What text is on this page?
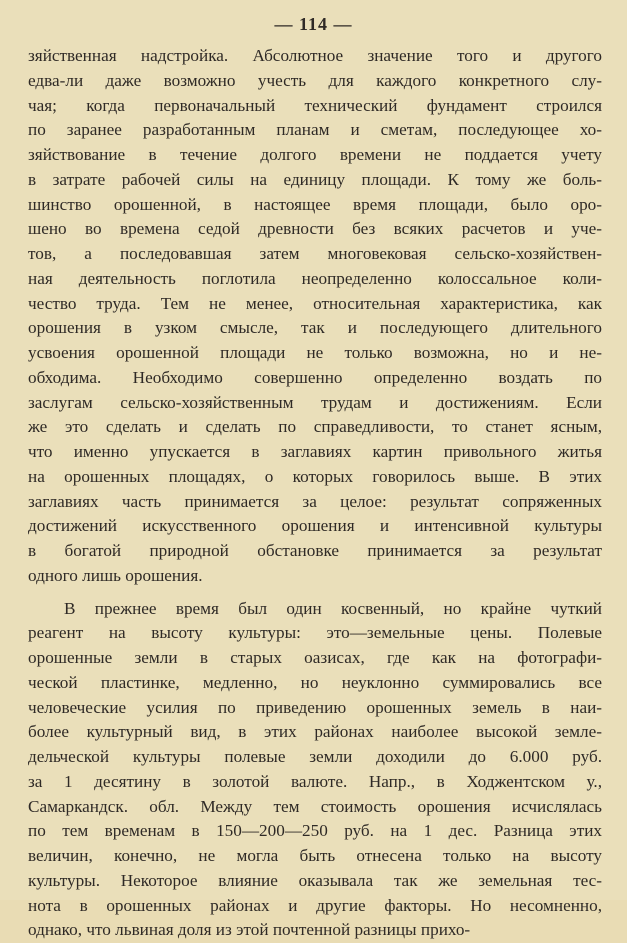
— 114 —
зяйственная надстройка. Абсолютное значение того и другого
едва-ли даже возможно учесть для каждого конкретного слу-
чая; когда первоначальный технический фундамент строился
по заранее разработанным планам и сметам, последующее хо-
зяйствование в течение долгого времени не поддается учету
в затрате рабочей силы на единицу площади. К тому же боль-
шинство орошенной, в настоящее время площади, было оро-
шено во времена седой древности без всяких расчетов и уче-
тов, а последовавшая затем многовековая сельско-хозяйствен-
ная деятельность поглотила неопределенно колоссальное коли-
чество труда. Тем не менее, относительная характеристика, как
орошения в узком смысле, так и последующего длительного
усвоения орошенной площади не только возможна, но и не-
обходима. Необходимо совершенно определенно воздать по
заслугам сельско-хозяйственным трудам и достижениям. Если
же это сделать и сделать по справедливости, то станет ясным,
что именно упускается в заглавиях картин привольного житья
на орошенных площадях, о которых говорилось выше. В этих
заглавиях часть принимается за целое: результат сопряженных
достижений искусственного орошения и интенсивной культуры
в богатой природной обстановке принимается за результат
одного лишь орошения.
В прежнее время был один косвенный, но крайне чуткий
реагент на высоту культуры: это—земельные цены. Полевые
орошенные земли в старых оазисах, где как на фотографи-
ческой пластинке, медленно, но неуклонно суммировались все
человеческие усилия по приведению орошенных земель в наи-
более культурный вид, в этих районах наиболее высокой земле-
дельческой культуры полевые земли доходили до 6.000 руб.
за 1 десятину в золотой валюте. Напр., в Ходжентском у.,
Самаркандск. обл. Между тем стоимость орошения исчислялась
по тем временам в 150—200—250 руб. на 1 дес. Разница этих
величин, конечно, не могла быть отнесена только на высоту
культуры. Некоторое влияние оказывала так же земельная тес-
нота в орошенных районах и другие факторы. Но несомненно,
однако, что львиная доля из этой почтенной разницы прихо-
